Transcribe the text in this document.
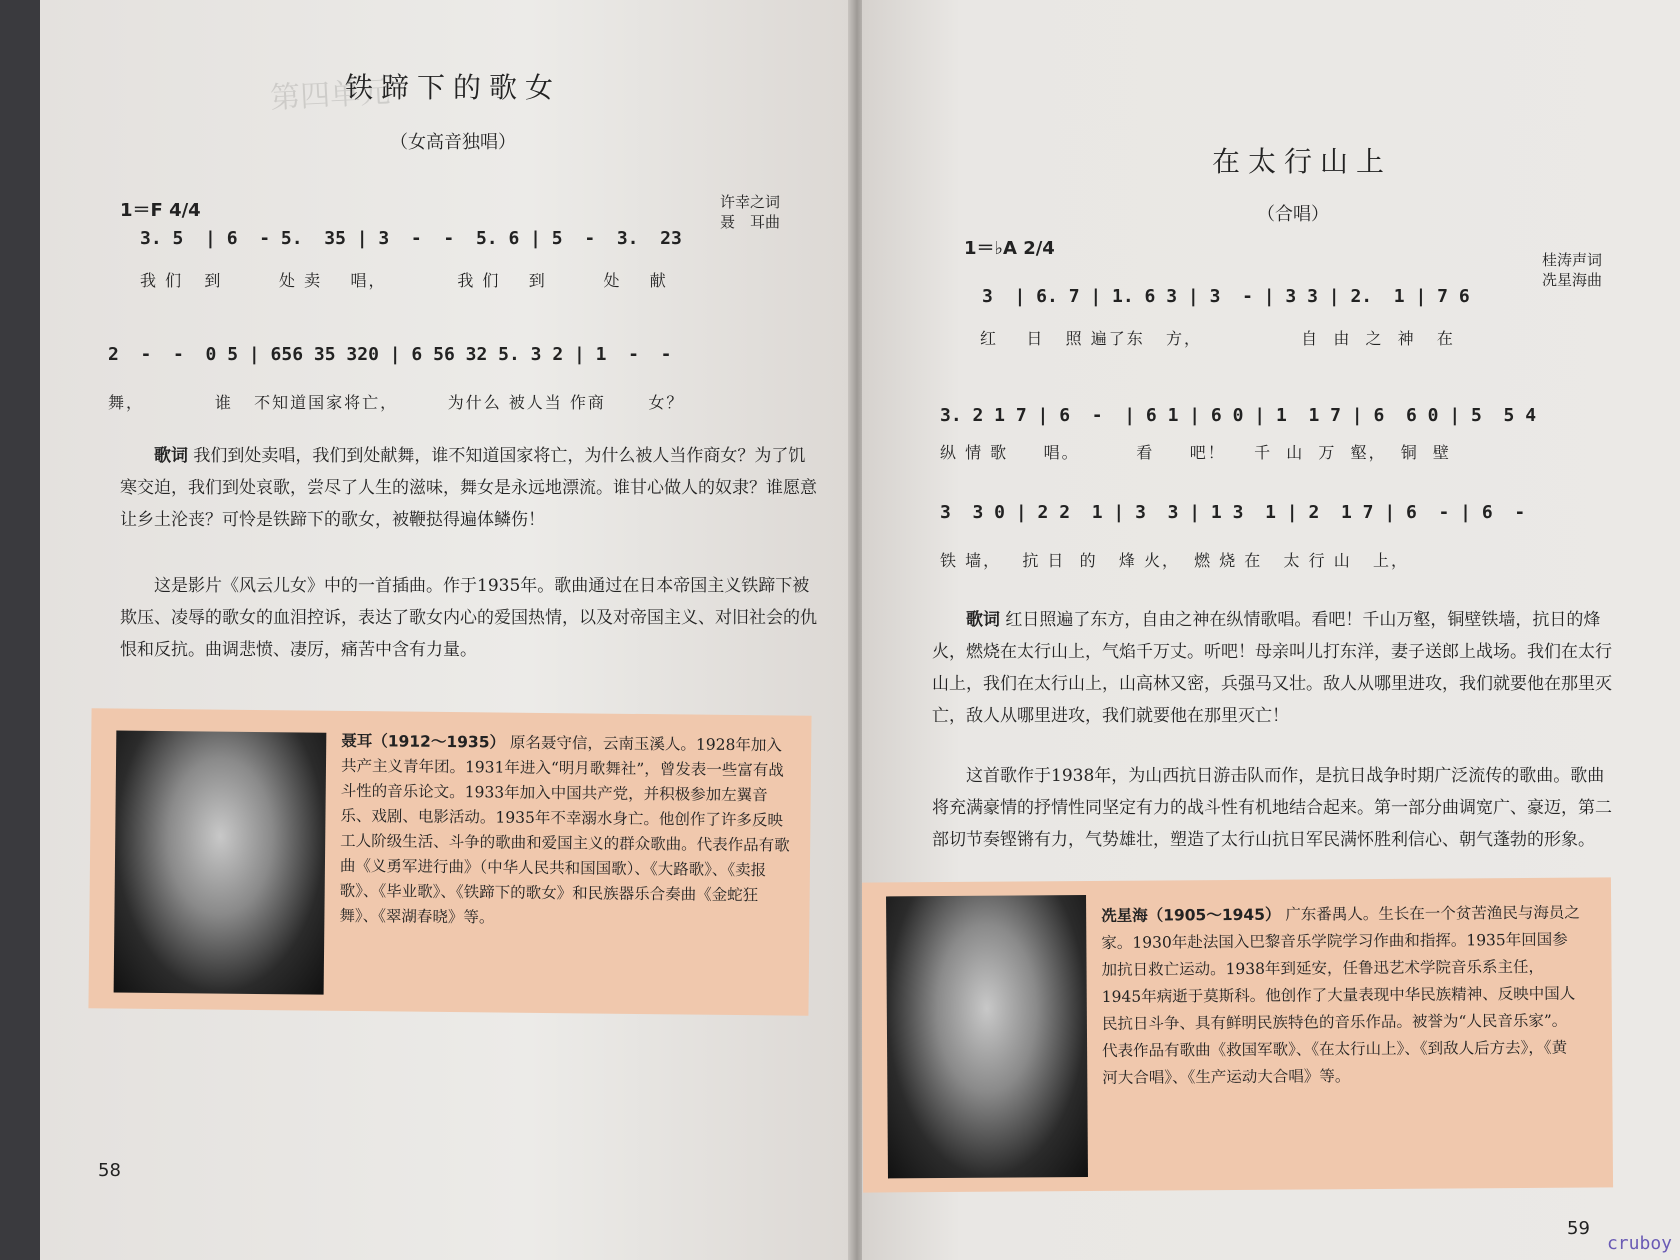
第四单元
铁蹄下的歌女
（女高音独唱）
1＝F 4/4	许幸之词
聂　耳曲
3. 5  | 6  - 5.  35 | 3  -  -  5. 6 | 5  -  3.  23
我 们   到        处 卖    唱，          我 们    到        处    献
2  -  -  0 5 | 656 35 320 | 6 56 32 5. 3 2 | 1  -  -
舞，          谁   不知道国家将亡，       为什么 被人当 作商      女？
歌词 我们到处卖唱，我们到处献舞，谁不知道国家将亡，为什么被人当作商女？为了饥寒交迫，我们到处哀歌，尝尽了人生的滋味，舞女是永远地漂流。谁甘心做人的奴隶？谁愿意让乡土沦丧？可怜是铁蹄下的歌女，被鞭挞得遍体鳞伤！
这是影片《风云儿女》中的一首插曲。作于1935年。歌曲通过在日本帝国主义铁蹄下被欺压、凌辱的歌女的血泪控诉，表达了歌女内心的爱国热情，以及对帝国主义、对旧社会的仇恨和反抗。曲调悲愤、凄厉，痛苦中含有力量。
聂耳（1912～1935） 原名聂守信，云南玉溪人。1928年加入共产主义青年团。1931年进入“明月歌舞社”，曾发表一些富有战斗性的音乐论文。1933年加入中国共产党，并积极参加左翼音乐、戏剧、电影活动。1935年不幸溺水身亡。他创作了许多反映工人阶级生活、斗争的歌曲和爱国主义的群众歌曲。代表作品有歌曲《义勇军进行曲》（中华人民共和国国歌）、《大路歌》、《卖报歌》、《毕业歌》、《铁蹄下的歌女》和民族器乐合奏曲《金蛇狂舞》、《翠湖春晓》等。
58
在太行山上
（合唱）
1＝♭A 2/4
桂涛声词
冼星海曲
3  | 6. 7 | 1. 6 3 | 3  - | 3 3 | 2.  1 | 7 6
红    日   照 遍了东   方，              自  由  之  神   在
3. 2 1 7 | 6  -  | 6 1 | 6 0 | 1  1 7 | 6  6 0 | 5  5 4
纵 情 歌     唱。        看     吧！    千  山  万  壑，  铜  壁
3  3 0 | 2 2  1 | 3  3 | 1 3  1 | 2  1 7 | 6  - | 6  -
铁 墙，   抗 日  的   烽 火，  燃 烧 在   太 行 山   上，
歌词 红日照遍了东方，自由之神在纵情歌唱。看吧！千山万壑，铜壁铁墙，抗日的烽火，燃烧在太行山上，气焰千万丈。听吧！母亲叫儿打东洋，妻子送郎上战场。我们在太行山上，我们在太行山上，山高林又密，兵强马又壮。敌人从哪里进攻，我们就要他在那里灭亡，敌人从哪里进攻，我们就要他在那里灭亡！
这首歌作于1938年，为山西抗日游击队而作，是抗日战争时期广泛流传的歌曲。歌曲将充满豪情的抒情性同坚定有力的战斗性有机地结合起来。第一部分曲调宽广、豪迈，第二部切节奏铿锵有力，气势雄壮，塑造了太行山抗日军民满怀胜利信心、朝气蓬勃的形象。
冼星海（1905～1945） 广东番禺人。生长在一个贫苦渔民与海员之家。1930年赴法国入巴黎音乐学院学习作曲和指挥。1935年回国参加抗日救亡运动。1938年到延安，任鲁迅艺术学院音乐系主任，1945年病逝于莫斯科。他创作了大量表现中华民族精神、反映中国人民抗日斗争、具有鲜明民族特色的音乐作品。被誉为“人民音乐家”。代表作品有歌曲《救国军歌》、《在太行山上》、《到敌人后方去》，《黄河大合唱》、《生产运动大合唱》等。
59
cruboy
